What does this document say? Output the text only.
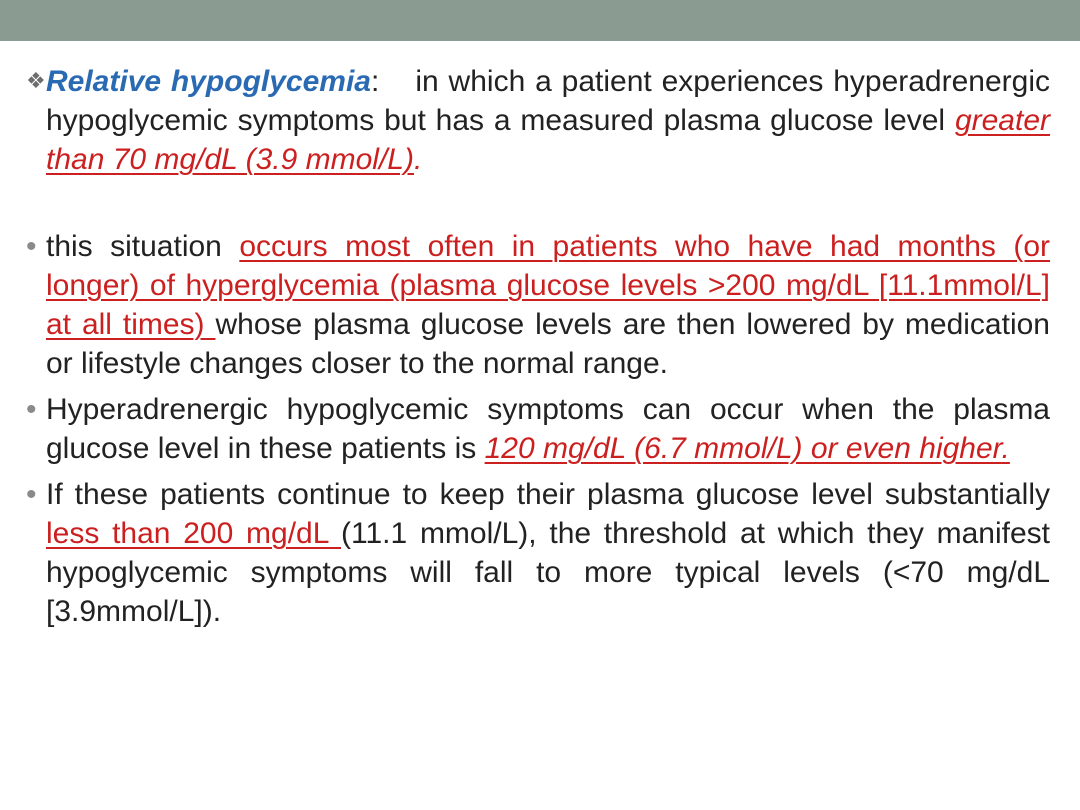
❖ Relative hypoglycemia: in which a patient experiences hyperadrenergic hypoglycemic symptoms but has a measured plasma glucose level greater than 70 mg/dL (3.9 mmol/L).

• this situation occurs most often in patients who have had months (or longer) of hyperglycemia (plasma glucose levels >200 mg/dL [11.1mmol/L] at all times) whose plasma glucose levels are then lowered by medication or lifestyle changes closer to the normal range.

• Hyperadrenergic hypoglycemic symptoms can occur when the plasma glucose level in these patients is 120 mg/dL (6.7 mmol/L) or even higher.

• If these patients continue to keep their plasma glucose level substantially less than 200 mg/dL (11.1 mmol/L), the threshold at which they manifest hypoglycemic symptoms will fall to more typical levels (<70 mg/dL [3.9mmol/L]).
